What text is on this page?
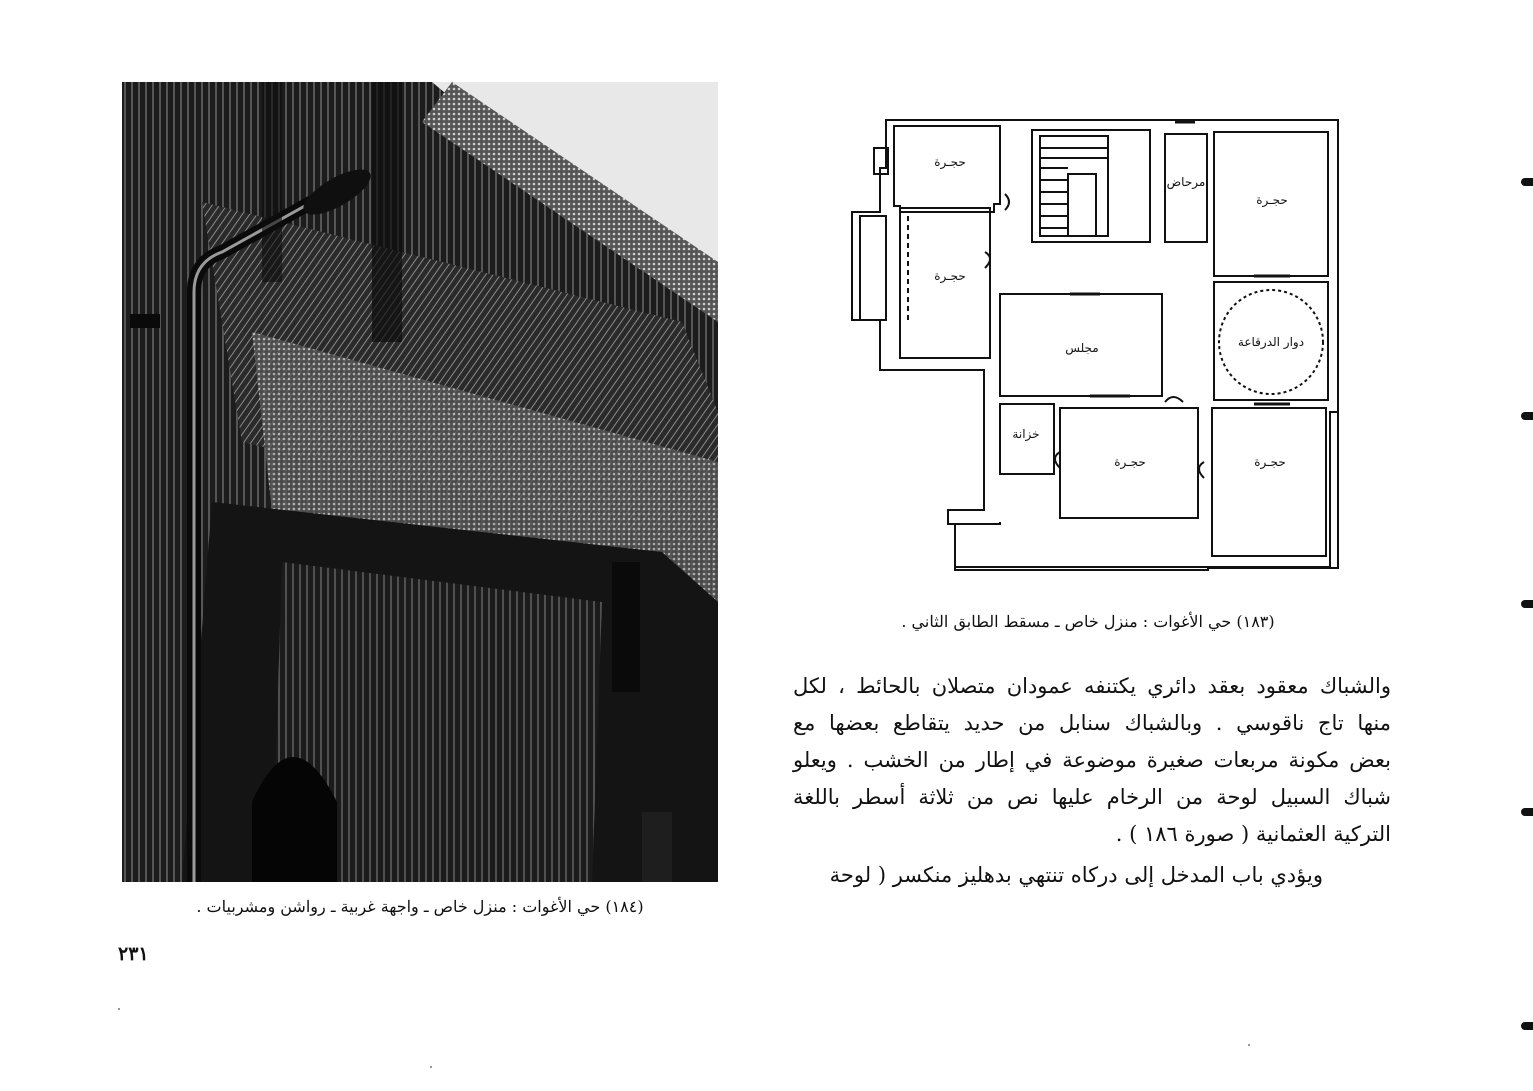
(١٨٤) حي الأغوات : منزل خاص ـ واجهة غربية ـ رواشن ومشربيات .
حجـرة
حجـرة
مرحاض
حجـرة
دوار الدرقاعة
مجلس
خزانة
حجـرة	حجـرة
(١٨٣) حي الأغوات : منزل خاص ـ مسقط الطابق الثاني .
والشباك معقود بعقد دائري يكتنفه عمودان متصلان بالحائط ، لكل
منها تاج ناقوسي . وبالشباك سنابل من حديد يتقاطع بعضها مع
بعض مكونة مربعات صغيرة موضوعة في إطار من الخشب . ويعلو
شباك السبيل لوحة من الرخام عليها نص من ثلاثة أسطر باللغة
التركية العثمانية ( صورة ١٨٦ ) .
ويؤدي باب المدخل إلى دركاه تنتهي بدهليز منكسر ( لوحة
٢٣١
